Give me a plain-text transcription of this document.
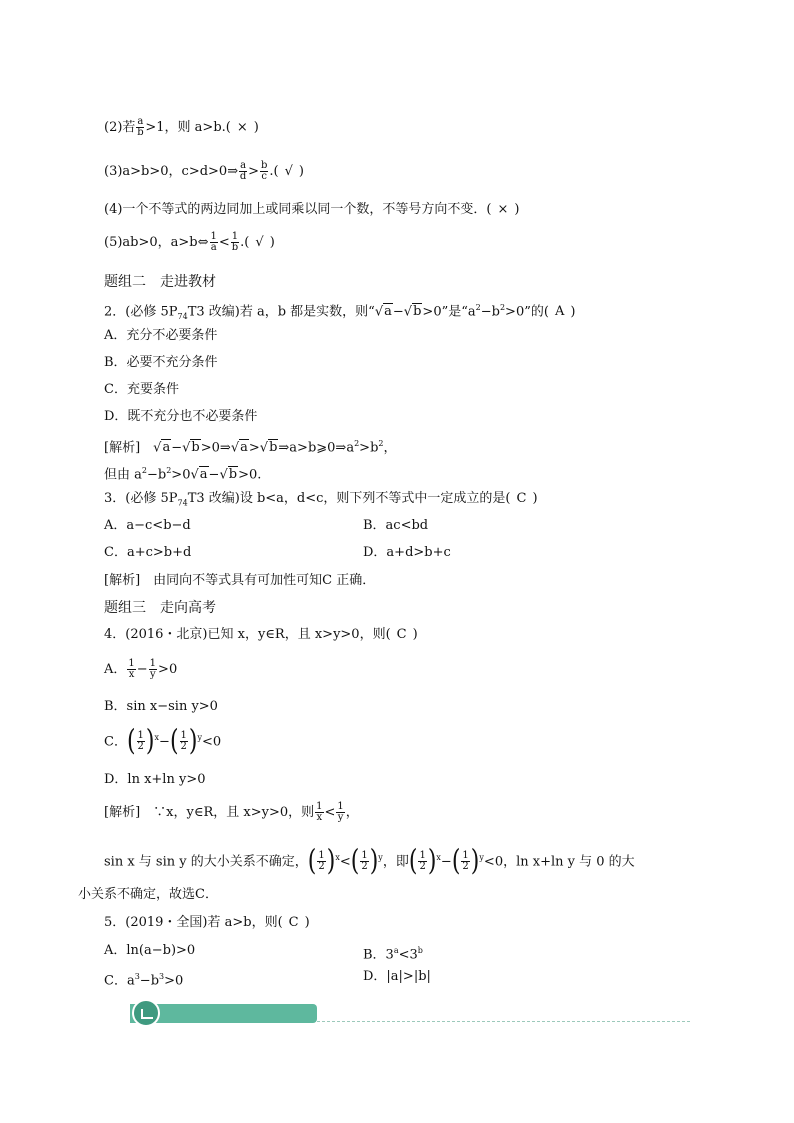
(2)若 $\frac{a}{b} >1$，则 a>b.( × )
(3)a>b>0，c>d>0⇒ $\frac{a}{d} > \frac{b}{c}$ .( √ )
(4)一个不等式的两边同加上或同乘以同一个数，不等号方向不变．( × )
(5)ab>0，a>b⇔ $\frac{1}{a} < \frac{1}{b}$ .( √ )
题组二　走进教材
2．(必修 $5P_{74}T3$ 改编)若 a，b 都是实数，则“√a−√b>0”是“$a^2-b^2>0$”的( A )
A．充分不必要条件
B．必要不充分条件
C．充要条件
D．既不充分也不必要条件
[解析]　$√a-√b>0\Rightarrow√a>√b\Rightarrow a>b⩾0\Rightarrow a^2>b^2$，
但由 $a^2-b^2>0√a-√b>0$.
3．(必修 $5P_{74}T3$ 改编)设 b<a，d<c，则下列不等式中一定成立的是( C )
A．a−c<b−d	B．ac<bd
C．a+c>b+d	D．a+d>b+c
[解析]　 由同向不等式具有可加性可知C 正确．
题组三　走向高考
4．(2016・北京)已知 x，y∈R，且 x>y>0，则( C )
A． $\frac{1}{x} - \frac{1}{y} >0$
B．sin x−sin y>0
C．( $\frac{1}{2} )^x-( \frac{1}{2} )^y<0$
D．ln x+ln y>0
[解析]　 ∵x，y∈R，且 x>y>0，则 $\frac{1}{x} < \frac{1}{y}$ ，
sin x 与 sin y 的大小关系不确定，( $\frac{1}{2} )^x<( \frac{1}{2} )^y$，即( $\frac{1}{2} )^x-( \frac{1}{2} )^y<0$，ln x+ln y 与 0 的大
小关系不确定，故选C．
5．(2019・全国)若 a>b，则( C )
A．ln(a−b)>0	B．$3^a<3^b$
C．$a^3-b^3>0$	D．|a|>|b|
